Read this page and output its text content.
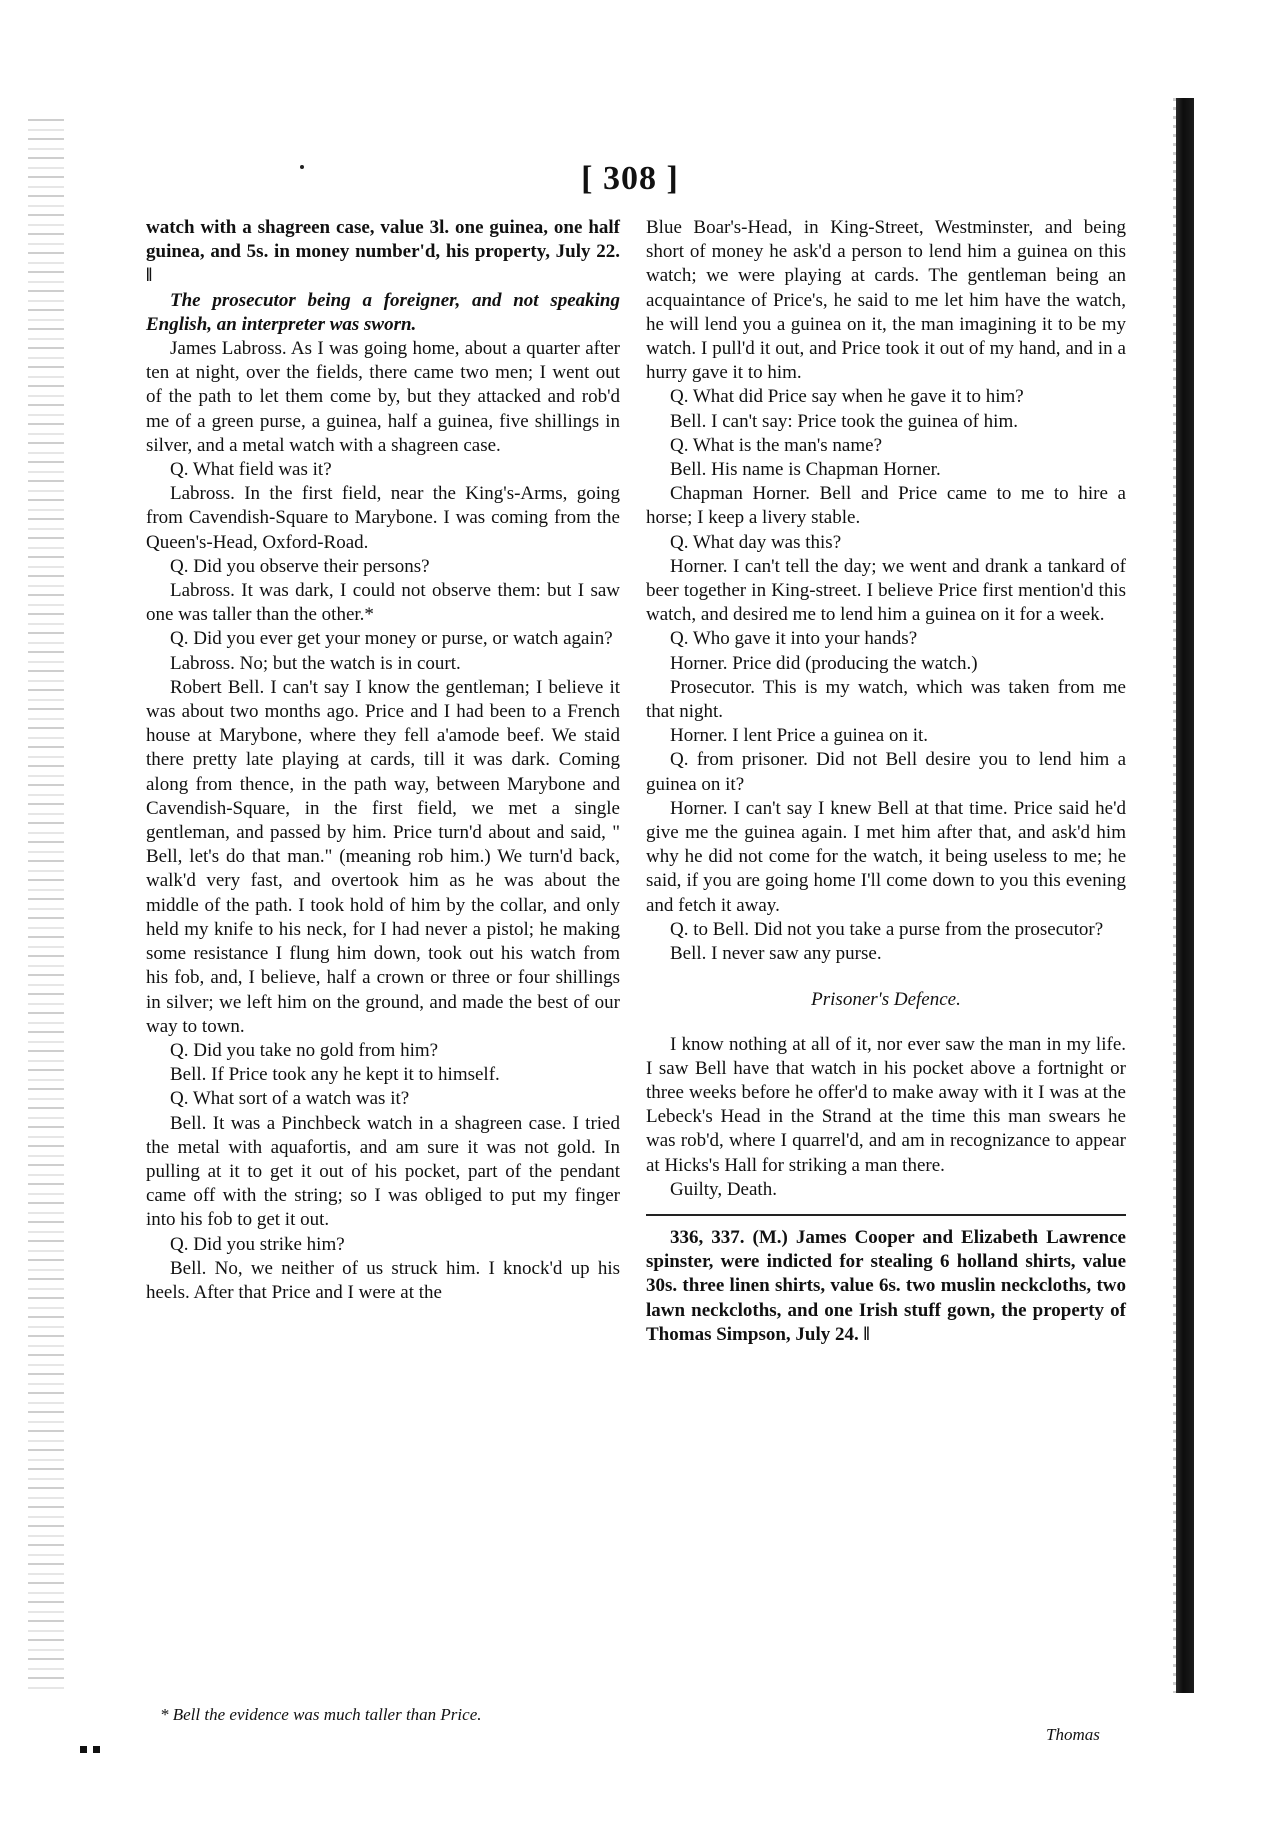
[ 308 ]

watch with a shagreen case, value 3l. one guinea, one half guinea, and 5s. in money number'd, his property, July 22. ‖

The prosecutor being a foreigner, and not speaking English, an interpreter was sworn.

James Labross. As I was going home, about a quarter after ten at night, over the fields, there came two men; I went out of the path to let them come by, but they attacked and rob'd me of a green purse, a guinea, half a guinea, five shillings in silver, and a metal watch with a shagreen case.

Q. What field was it?

Labross. In the first field, near the King's-Arms, going from Cavendish-Square to Marybone. I was coming from the Queen's-Head, Oxford-Road.

Q. Did you observe their persons?

Labross. It was dark, I could not observe them: but I saw one was taller than the other.*

Q. Did you ever get your money or purse, or watch again?

Labross. No; but the watch is in court.

Robert Bell. I can't say I know the gentleman; I believe it was about two months ago. Price and I had been to a French house at Marybone, where they fell a'amode beef. We staid there pretty late playing at cards, till it was dark. Coming along from thence, in the path way, between Marybone and Cavendish-Square, in the first field, we met a single gentleman, and passed by him. Price turn'd about and said, " Bell, let's do that man." (meaning rob him.) We turn'd back, walk'd very fast, and overtook him as he was about the middle of the path. I took hold of him by the collar, and only held my knife to his neck, for I had never a pistol; he making some resistance I flung him down, took out his watch from his fob, and, I believe, half a crown or three or four shillings in silver; we left him on the ground, and made the best of our way to town.

Q. Did you take no gold from him?

Bell. If Price took any he kept it to himself.

Q. What sort of a watch was it?

Bell. It was a Pinchbeck watch in a shagreen case. I tried the metal with aquafortis, and am sure it was not gold. In pulling at it to get it out of his pocket, part of the pendant came off with the string; so I was obliged to put my finger into his fob to get it out.

Q. Did you strike him?

Bell. No, we neither of us struck him. I knock'd up his heels. After that Price and I were at the

Blue Boar's-Head, in King-Street, Westminster, and being short of money he ask'd a person to lend him a guinea on this watch; we were playing at cards. The gentleman being an acquaintance of Price's, he said to me let him have the watch, he will lend you a guinea on it, the man imagining it to be my watch. I pull'd it out, and Price took it out of my hand, and in a hurry gave it to him.

Q. What did Price say when he gave it to him?

Bell. I can't say: Price took the guinea of him.

Q. What is the man's name?

Bell. His name is Chapman Horner.

Chapman Horner. Bell and Price came to me to hire a horse; I keep a livery stable.

Q. What day was this?

Horner. I can't tell the day; we went and drank a tankard of beer together in King-street. I believe Price first mention'd this watch, and desired me to lend him a guinea on it for a week.

Q. Who gave it into your hands?

Horner. Price did (producing the watch.)

Prosecutor. This is my watch, which was taken from me that night.

Horner. I lent Price a guinea on it.

Q. from prisoner. Did not Bell desire you to lend him a guinea on it?

Horner. I can't say I knew Bell at that time. Price said he'd give me the guinea again. I met him after that, and ask'd him why he did not come for the watch, it being useless to me; he said, if you are going home I'll come down to you this evening and fetch it away.

Q. to Bell. Did not you take a purse from the prosecutor?

Bell. I never saw any purse.

Prisoner's Defence.

I know nothing at all of it, nor ever saw the man in my life. I saw Bell have that watch in his pocket above a fortnight or three weeks before he offer'd to make away with it I was at the Lebeck's Head in the Strand at the time this man swears he was rob'd, where I quarrel'd, and am in recognizance to appear at Hicks's Hall for striking a man there.

Guilty, Death.

336, 337. (M.) James Cooper and Elizabeth Lawrence spinster, were indicted for stealing 6 holland shirts, value 30s. three linen shirts, value 6s. two muslin neckcloths, two lawn neckcloths, and one Irish stuff gown, the property of Thomas Simpson, July 24. ‖

* Bell the evidence was much taller than Price.
Thomas
